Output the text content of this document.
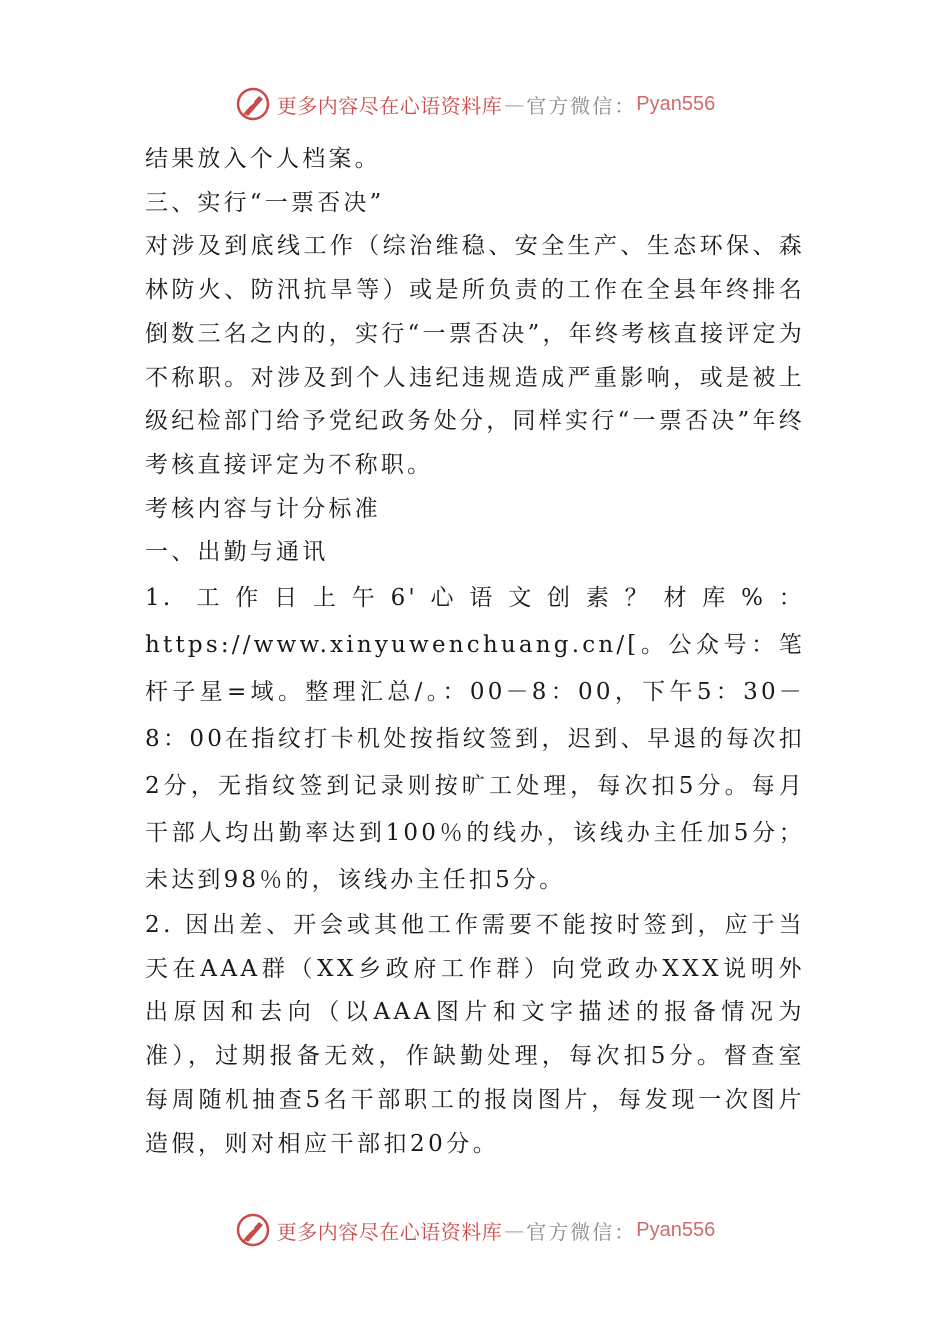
更多内容尽在心语资料库 — 官方微信： Pyan556

结果放入个人档案。

三、实行“一票否决”

对涉及到底线工作（综治维稳、安全生产、生态环保、森林防火、防汛抗旱等）或是所负责的工作在全县年终排名倒数三名之内的，实行“一票否决”，年终考核直接评定为不称职。对涉及到个人违纪违规造成严重影响，或是被上级纪检部门给予党纪政务处分，同样实行“一票否决”年终考核直接评定为不称职。

考核内容与计分标准

一、出勤与通讯

1. 工作日上午6'心语文创素？材库%：https://www.xinyuwenchuang.cn/[。公众号：笔杆子星=域。整理汇总/。：00－8：00，下午5：30－8：00在指纹打卡机处按指纹签到，迟到、早退的每次扣2分，无指纹签到记录则按旷工处理，每次扣5分。每月干部人均出勤率达到100％的线办，该线办主任加5分；未达到98％的，该线办主任扣5分。

2. 因出差、开会或其他工作需要不能按时签到，应于当天在AAA群（XX乡政府工作群）向党政办XXX说明外出原因和去向（以AAA图片和文字描述的报备情况为准），过期报备无效，作缺勤处理，每次扣5分。督查室每周随机抽查5名干部职工的报岗图片，每发现一次图片造假，则对相应干部扣20分。

更多内容尽在心语资料库 — 官方微信： Pyan556
